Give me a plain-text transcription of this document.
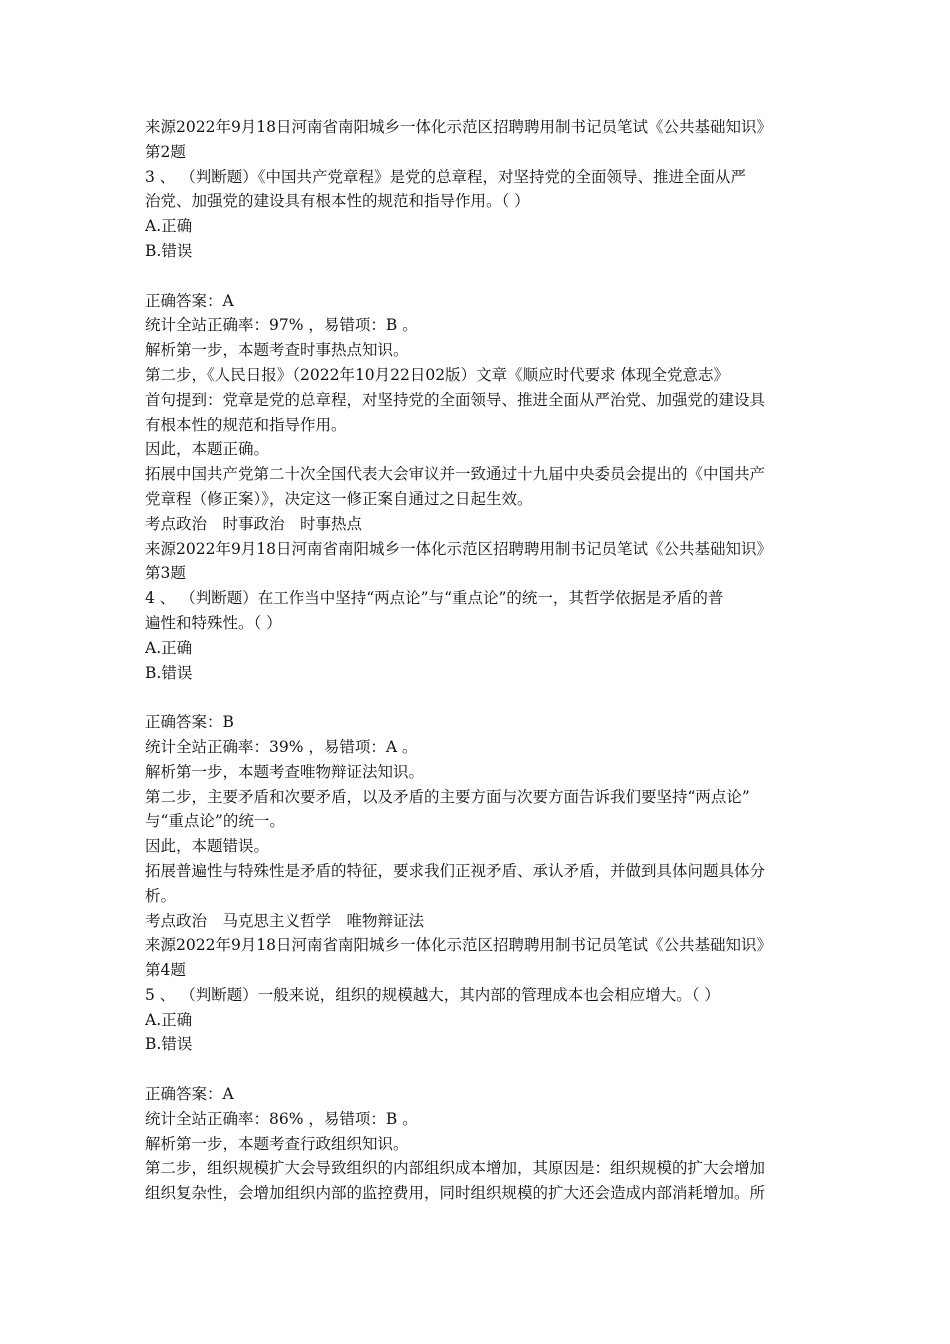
来源2022年9月18日河南省南阳城乡一体化示范区招聘聘用制书记员笔试《公共基础知识》
第2题
3 、 （判断题）《中国共产党章程》是党的总章程，对坚持党的全面领导、推进全面从严
治党、加强党的建设具有根本性的规范和指导作用。（ ）
A.正确
B.错误
正确答案：A
统计全站正确率：97% ，易错项：B 。
解析第一步，本题考查时事热点知识。
第二步，《人民日报》（2022年10月22日02版）文章《顺应时代要求 体现全党意志》
首句提到：党章是党的总章程，对坚持党的全面领导、推进全面从严治党、加强党的建设具
有根本性的规范和指导作用。
因此，本题正确。
拓展中国共产党第二十次全国代表大会审议并一致通过十九届中央委员会提出的《中国共产
党章程（修正案）》，决定这一修正案自通过之日起生效。
考点政治　时事政治　时事热点
来源2022年9月18日河南省南阳城乡一体化示范区招聘聘用制书记员笔试《公共基础知识》
第3题
4 、 （判断题）在工作当中坚持“两点论”与“重点论”的统一，其哲学依据是矛盾的普
遍性和特殊性。（ ）
A.正确
B.错误
正确答案：B
统计全站正确率：39% ，易错项：A 。
解析第一步，本题考查唯物辩证法知识。
第二步，主要矛盾和次要矛盾，以及矛盾的主要方面与次要方面告诉我们要坚持“两点论”
与“重点论”的统一。
因此，本题错误。
拓展普遍性与特殊性是矛盾的特征，要求我们正视矛盾、承认矛盾，并做到具体问题具体分
析。
考点政治　马克思主义哲学　唯物辩证法
来源2022年9月18日河南省南阳城乡一体化示范区招聘聘用制书记员笔试《公共基础知识》
第4题
5 、 （判断题）一般来说，组织的规模越大，其内部的管理成本也会相应增大。（ ）
A.正确
B.错误
正确答案：A
统计全站正确率：86% ，易错项：B 。
解析第一步，本题考查行政组织知识。
第二步，组织规模扩大会导致组织的内部组织成本增加，其原因是：组织规模的扩大会增加
组织复杂性，会增加组织内部的监控费用，同时组织规模的扩大还会造成内部消耗增加。所
